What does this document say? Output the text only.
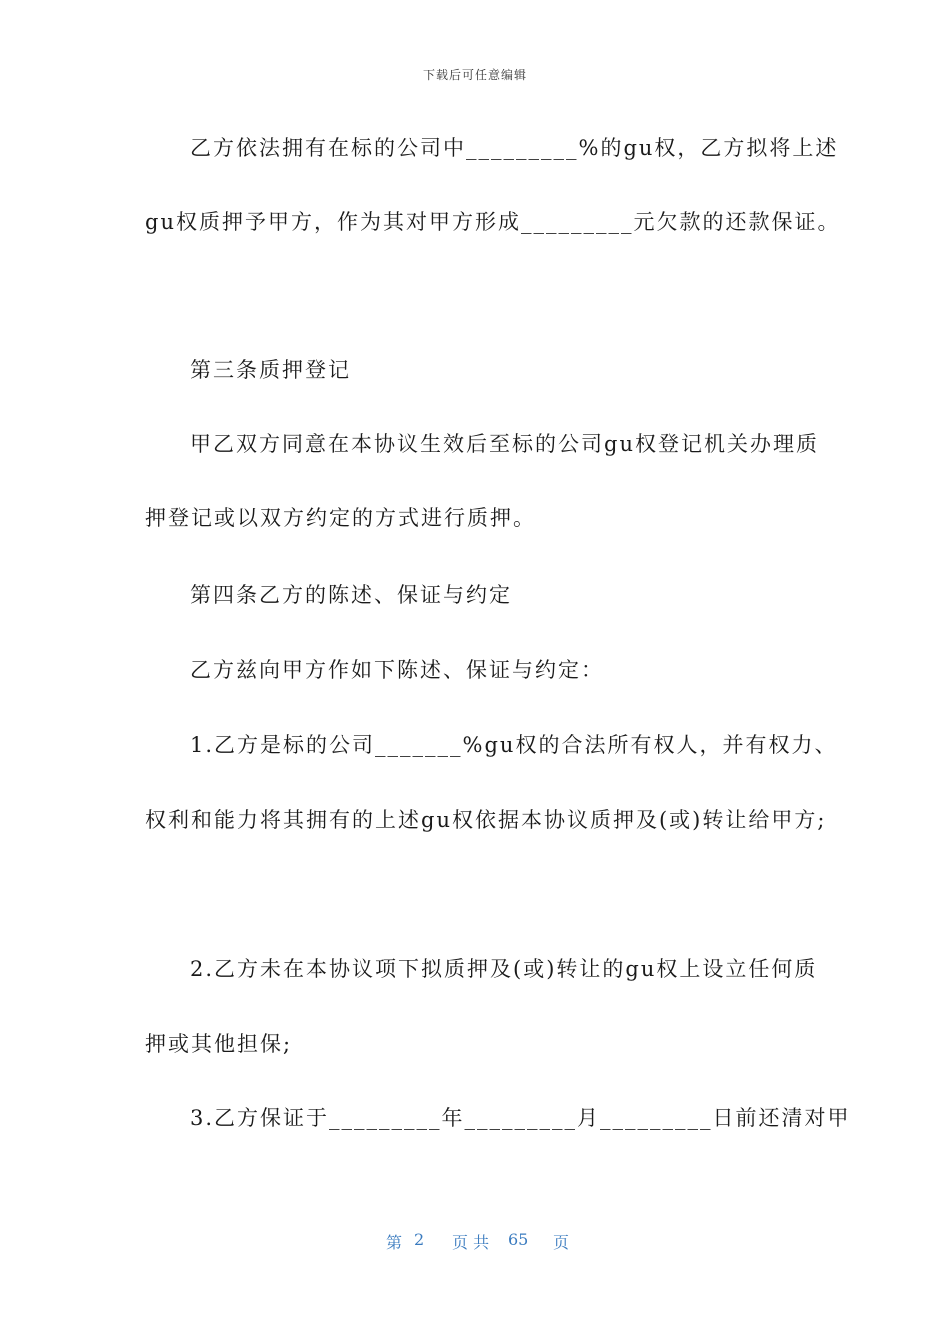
下载后可任意编辑
乙方依法拥有在标的公司中_________%的gu权，乙方拟将上述
gu权质押予甲方，作为其对甲方形成_________元欠款的还款保证。
第三条质押登记
甲乙双方同意在本协议生效后至标的公司gu权登记机关办理质
押登记或以双方约定的方式进行质押。
第四条乙方的陈述、保证与约定
乙方兹向甲方作如下陈述、保证与约定：
1.乙方是标的公司_______%gu权的合法所有权人，并有权力、
权利和能力将其拥有的上述gu权依据本协议质押及(或)转让给甲方;
2.乙方未在本协议项下拟质押及(或)转让的gu权上设立任何质
押或其他担保;
3.乙方保证于_________年_________月_________日前还清对甲

第

2

页 共

65

页
